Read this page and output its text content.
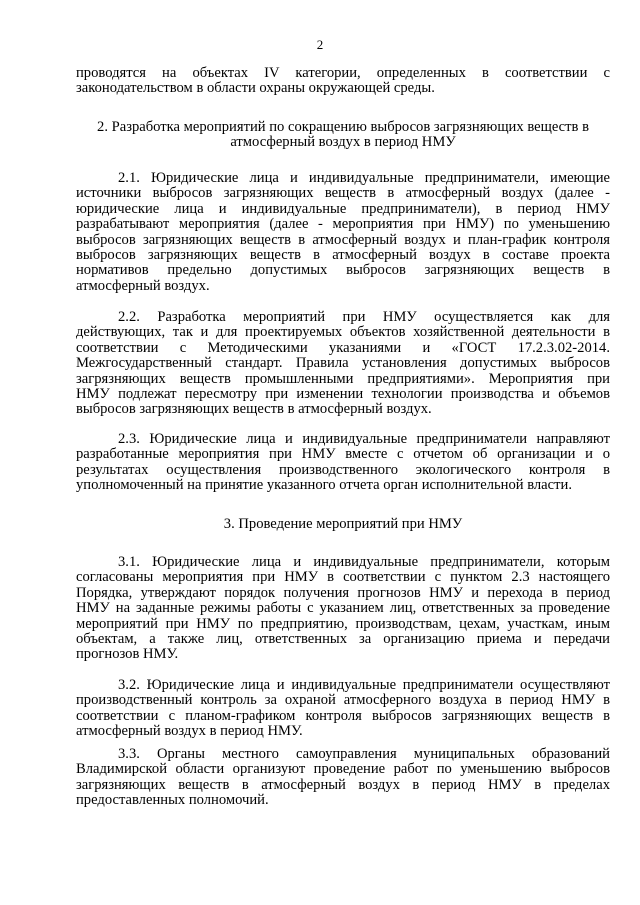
2
проводятся на объектах IV категории, определенных в соответствии с
законодательством в области охраны окружающей среды.
2. Разработка мероприятий по сокращению выбросов загрязняющих веществ в
атмосферный воздух в период НМУ
2.1. Юридические лица и индивидуальные предприниматели, имеющие
источники выбросов загрязняющих веществ в атмосферный воздух (далее -
юридические лица и индивидуальные предприниматели), в период НМУ
разрабатывают мероприятия (далее - мероприятия при НМУ) по уменьшению
выбросов загрязняющих веществ в атмосферный воздух и план-график контроля
выбросов загрязняющих веществ в атмосферный воздух в составе проекта
нормативов предельно допустимых выбросов загрязняющих веществ в
атмосферный воздух.
2.2. Разработка мероприятий при НМУ осуществляется как для
действующих, так и для проектируемых объектов хозяйственной деятельности в
соответствии с Методическими указаниями и «ГОСТ 17.2.3.02-2014.
Межгосударственный стандарт. Правила установления допустимых выбросов
загрязняющих веществ промышленными предприятиями». Мероприятия при
НМУ подлежат пересмотру при изменении технологии производства и объемов
выбросов загрязняющих веществ в атмосферный воздух.
2.3. Юридические лица и индивидуальные предприниматели направляют
разработанные мероприятия при НМУ вместе с отчетом об организации и о
результатах осуществления производственного экологического контроля в
уполномоченный на принятие указанного отчета орган исполнительной власти.
3. Проведение мероприятий при НМУ
3.1. Юридические лица и индивидуальные предприниматели, которым
согласованы мероприятия при НМУ в соответствии с пунктом 2.3 настоящего
Порядка, утверждают порядок получения прогнозов НМУ и перехода в период
НМУ на заданные режимы работы с указанием лиц, ответственных за проведение
мероприятий при НМУ по предприятию, производствам, цехам, участкам, иным
объектам, а также лиц, ответственных за организацию приема и передачи
прогнозов НМУ.
3.2. Юридические лица и индивидуальные предприниматели осуществляют
производственный контроль за охраной атмосферного воздуха в период НМУ в
соответствии с планом-графиком контроля выбросов загрязняющих веществ в
атмосферный воздух в период НМУ.
3.3. Органы местного самоуправления муниципальных образований
Владимирской области организуют проведение работ по уменьшению выбросов
загрязняющих веществ в атмосферный воздух в период НМУ в пределах
предоставленных полномочий.
